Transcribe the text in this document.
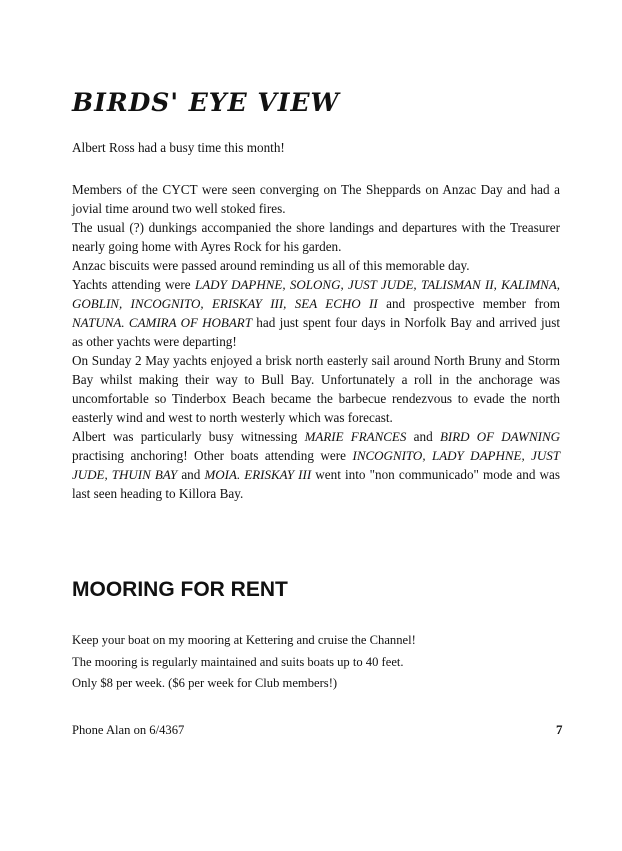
BIRDS' EYE VIEW

Albert Ross had a busy time this month!

Members of the CYCT were seen converging on The Sheppards on Anzac Day and had a jovial time around two well stoked fires.
The usual (?) dunkings accompanied the shore landings and departures with the Treasurer nearly going home with Ayres Rock for his garden.
Anzac biscuits were passed around reminding us all of this memorable day.
Yachts attending were LADY DAPHNE, SOLONG, JUST JUDE, TALISMAN II, KALIMNA, GOBLIN, INCOGNITO, ERISKAY III, SEA ECHO II and prospective member from NATUNA. CAMIRA OF HOBART had just spent four days in Norfolk Bay and arrived just as other yachts were departing!
On Sunday 2 May yachts enjoyed a brisk north easterly sail around North Bruny and Storm Bay whilst making their way to Bull Bay. Unfortunately a roll in the anchorage was uncomfortable so Tinderbox Beach became the barbecue rendezvous to evade the north easterly wind and west to north westerly which was forecast.
Albert was particularly busy witnessing MARIE FRANCES and BIRD OF DAWNING practising anchoring! Other boats attending were INCOGNITO, LADY DAPHNE, JUST JUDE, THUIN BAY and MOIA. ERISKAY III went into "non communicado" mode and was last seen heading to Killora Bay.
MOORING FOR RENT
Keep your boat on my mooring at Kettering and cruise the Channel!
The mooring is regularly maintained and suits boats up to 40 feet.
Only $8 per week. ($6 per week for Club members!)

Phone Alan on 6/4367	7
